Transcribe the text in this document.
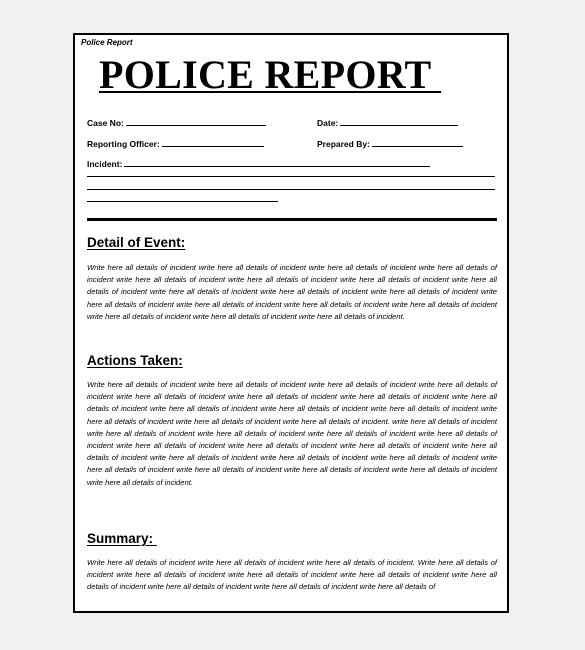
Police Report
POLICE REPORT
Case No:	Date:
Reporting Officer:	Prepared By:
Incident:
Detail of Event:
Write here all details of incident write here all details of incident write here all details of incident write here all details of incident write here all details of incident write here all details of incident write here all details of incident write here all details of incident write here all details of incident write here all details of incident write here all details of incident write here all details of incident write here all details of incident write here all details of incident write here all details of incident write here all details of incident write here all details of incident write here all details of incident.
Actions Taken:
Write here all details of incident write here all details of incident write here all details of incident write here all details of incident write here all details of incident write here all details of incident write here all details of incident write here all details of incident write here all details of incident write here all details of incident write here all details of incident write here all details of incident write here all details of incident write here all details of incident. write here all details of incident write here all details of incident write here all details of incident write here all details of incident write here all details of incident write here all details of incident write here all details of incident write here all details of incident write here all details of incident write here all details of incident write here all details of incident write here all details of incident write here all details of incident write here all details of incident write here all details of incident write here all details of incident write here all details of incident.
Summary:
Write here all details of incident write here all details of incident write here all details of incident. Write here all details of incident write here all details of incident write here all details of incident write here all details of incident write here all details of incident write here all details of incident write here all details of incident write here all details of
